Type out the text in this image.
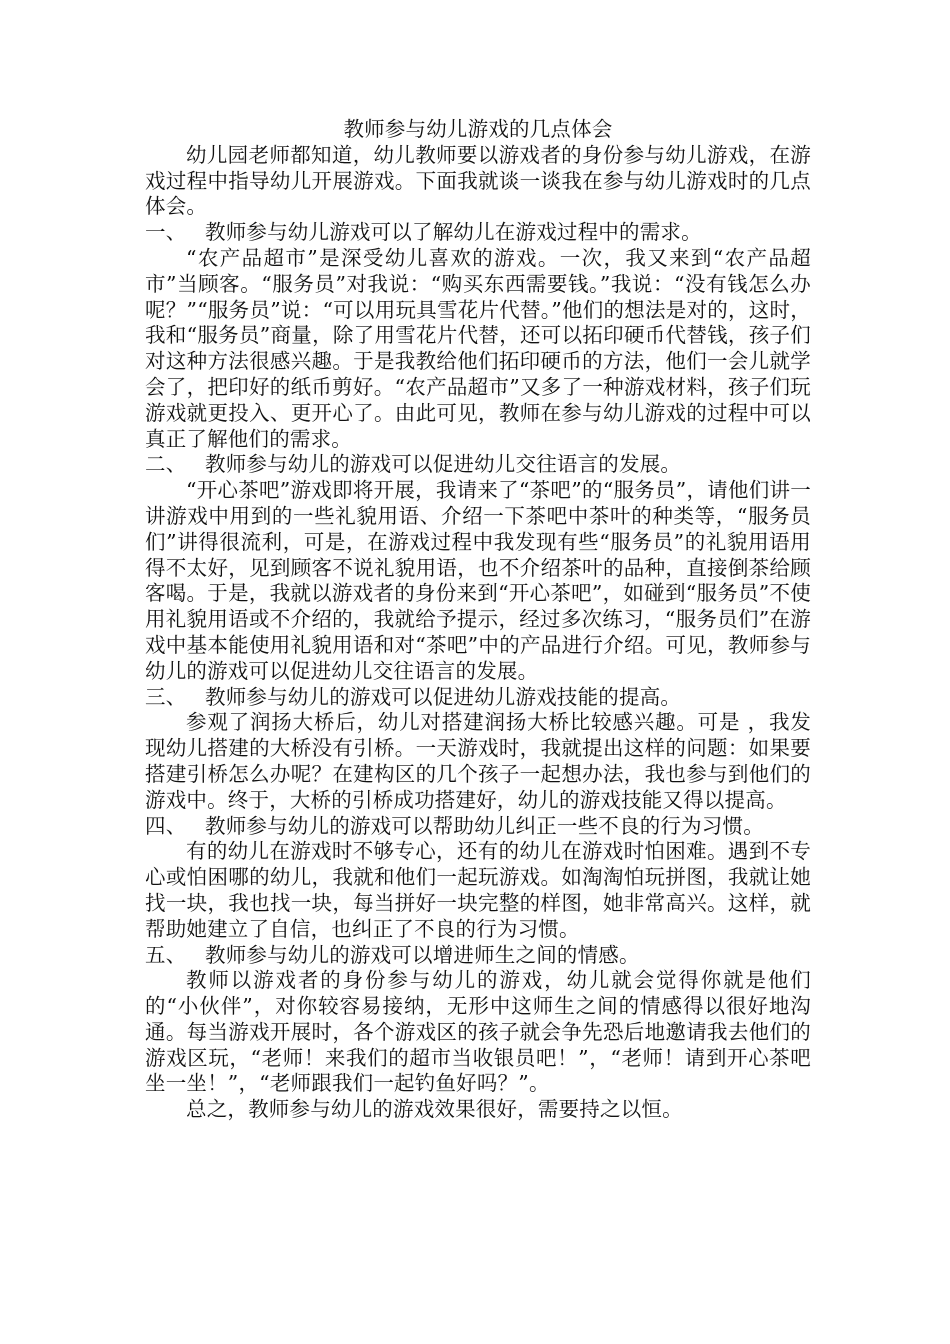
教师参与幼儿游戏的几点体会

幼儿园老师都知道，幼儿教师要以游戏者的身份参与幼儿游戏，在游戏过程中指导幼儿开展游戏。下面我就谈一谈我在参与幼儿游戏时的几点体会。

一、 教师参与幼儿游戏可以了解幼儿在游戏过程中的需求。

“农产品超市”是深受幼儿喜欢的游戏。一次，我又来到“农产品超市”当顾客。“服务员”对我说：“购买东西需要钱。”我说：“没有钱怎么办呢？”“服务员”说：“可以用玩具雪花片代替。”他们的想法是对的，这时，我和“服务员”商量，除了用雪花片代替，还可以拓印硬币代替钱，孩子们对这种方法很感兴趣。于是我教给他们拓印硬币的方法，他们一会儿就学会了，把印好的纸币剪好。“农产品超市”又多了一种游戏材料，孩子们玩游戏就更投入、更开心了。由此可见，教师在参与幼儿游戏的过程中可以真正了解他们的需求。

二、 教师参与幼儿的游戏可以促进幼儿交往语言的发展。

“开心茶吧”游戏即将开展，我请来了“茶吧”的“服务员”，请他们讲一讲游戏中用到的一些礼貌用语、介绍一下茶吧中茶叶的种类等，“服务员们”讲得很流利，可是，在游戏过程中我发现有些“服务员”的礼貌用语用得不太好，见到顾客不说礼貌用语，也不介绍茶叶的品种，直接倒茶给顾客喝。于是，我就以游戏者的身份来到“开心茶吧”，如碰到“服务员”不使用礼貌用语或不介绍的，我就给予提示，经过多次练习，“服务员们”在游戏中基本能使用礼貌用语和对“茶吧”中的产品进行介绍。可见，教师参与幼儿的游戏可以促进幼儿交往语言的发展。

三、 教师参与幼儿的游戏可以促进幼儿游戏技能的提高。

参观了润扬大桥后，幼儿对搭建润扬大桥比较感兴趣。可是 ，我发现幼儿搭建的大桥没有引桥。一天游戏时，我就提出这样的问题：如果要搭建引桥怎么办呢？在建构区的几个孩子一起想办法，我也参与到他们的游戏中。终于，大桥的引桥成功搭建好，幼儿的游戏技能又得以提高。

四、 教师参与幼儿的游戏可以帮助幼儿纠正一些不良的行为习惯。

有的幼儿在游戏时不够专心，还有的幼儿在游戏时怕困难。遇到不专心或怕困哪的幼儿，我就和他们一起玩游戏。如淘淘怕玩拼图，我就让她找一块，我也找一块，每当拼好一块完整的样图，她非常高兴。这样，就帮助她建立了自信，也纠正了不良的行为习惯。

五、 教师参与幼儿的游戏可以增进师生之间的情感。

教师以游戏者的身份参与幼儿的游戏，幼儿就会觉得你就是他们的“小伙伴”，对你较容易接纳，无形中这师生之间的情感得以很好地沟通。每当游戏开展时，各个游戏区的孩子就会争先恐后地邀请我去他们的游戏区玩，“老师！来我们的超市当收银员吧！”，“老师！请到开心茶吧坐一坐！”，“老师跟我们一起钓鱼好吗？”。

总之，教师参与幼儿的游戏效果很好，需要持之以恒。
